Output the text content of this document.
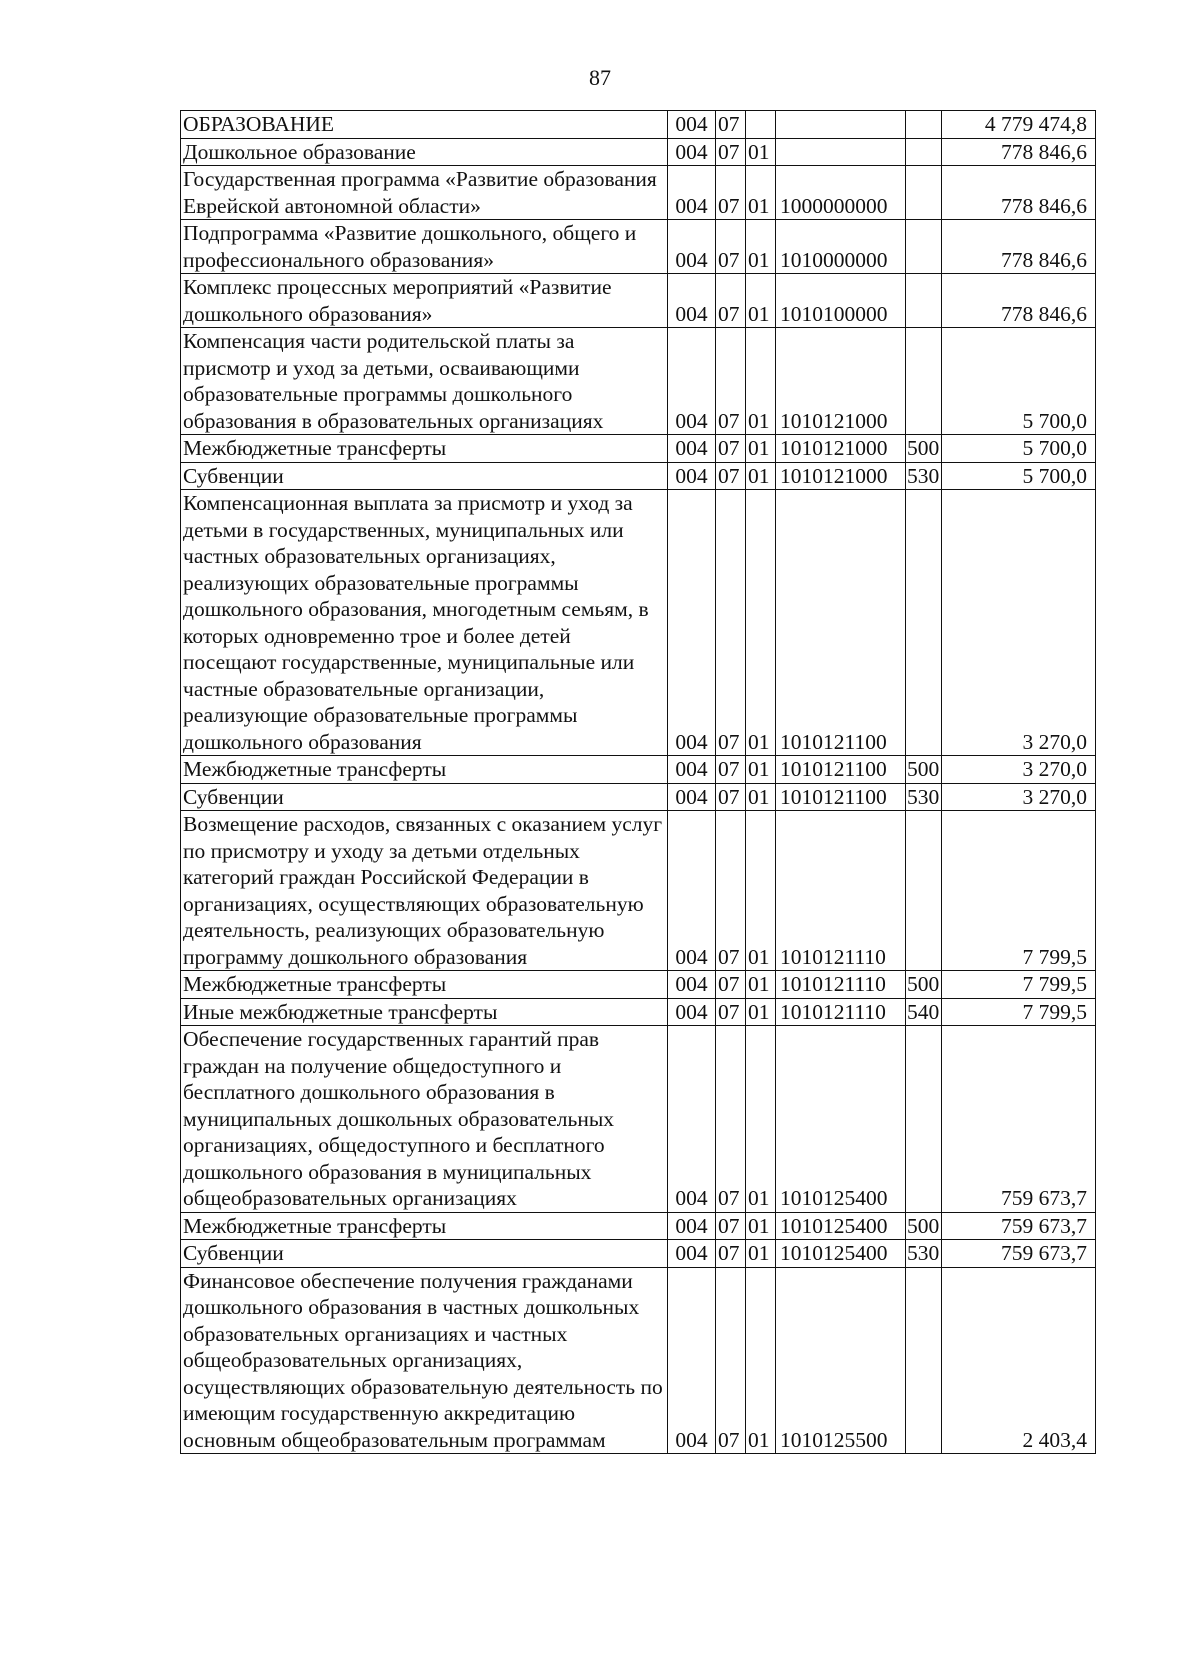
87
ОБРАЗОВАНИЕ	004	07				4 779 474,8
Дошкольное образование	004	07	01			778 846,6
Государственная программа «Развитие образования Еврейской автономной области»	004	07	01	1000000000		778 846,6
Подпрограмма «Развитие дошкольного, общего и профессионального образования»	004	07	01	1010000000		778 846,6
Комплекс процессных мероприятий «Развитие дошкольного образования»	004	07	01	1010100000		778 846,6
Компенсация части родительской платы за присмотр и уход за детьми, осваивающими образовательные программы дошкольного образования в образовательных организациях	004	07	01	1010121000		5 700,0
Межбюджетные трансферты	004	07	01	1010121000	500	5 700,0
Субвенции	004	07	01	1010121000	530	5 700,0
Компенсационная выплата за присмотр и уход за детьми в государственных, муниципальных или частных образовательных организациях, реализующих образовательные программы дошкольного образования, многодетным семьям, в которых одновременно трое и более детей посещают государственные, муниципальные или частные образовательные организации, реализующие образовательные программы дошкольного образования	004	07	01	1010121100		3 270,0
Межбюджетные трансферты	004	07	01	1010121100	500	3 270,0
Субвенции	004	07	01	1010121100	530	3 270,0
Возмещение расходов, связанных с оказанием услуг по присмотру и уходу за детьми отдельных категорий граждан Российской Федерации в организациях, осуществляющих образовательную деятельность, реализующих образовательную программу дошкольного образования	004	07	01	1010121110		7 799,5
Межбюджетные трансферты	004	07	01	1010121110	500	7 799,5
Иные межбюджетные трансферты	004	07	01	1010121110	540	7 799,5
Обеспечение государственных гарантий прав граждан на получение общедоступного и бесплатного дошкольного образования в муниципальных дошкольных образовательных организациях, общедоступного и бесплатного дошкольного образования в муниципальных общеобразовательных организациях	004	07	01	1010125400		759 673,7
Межбюджетные трансферты	004	07	01	1010125400	500	759 673,7
Субвенции	004	07	01	1010125400	530	759 673,7
Финансовое обеспечение получения гражданами дошкольного образования в частных дошкольных образовательных организациях и частных общеобразовательных организациях, осуществляющих образовательную деятельность по имеющим государственную аккредитацию основным общеобразовательным программам	004	07	01	1010125500		2 403,4
